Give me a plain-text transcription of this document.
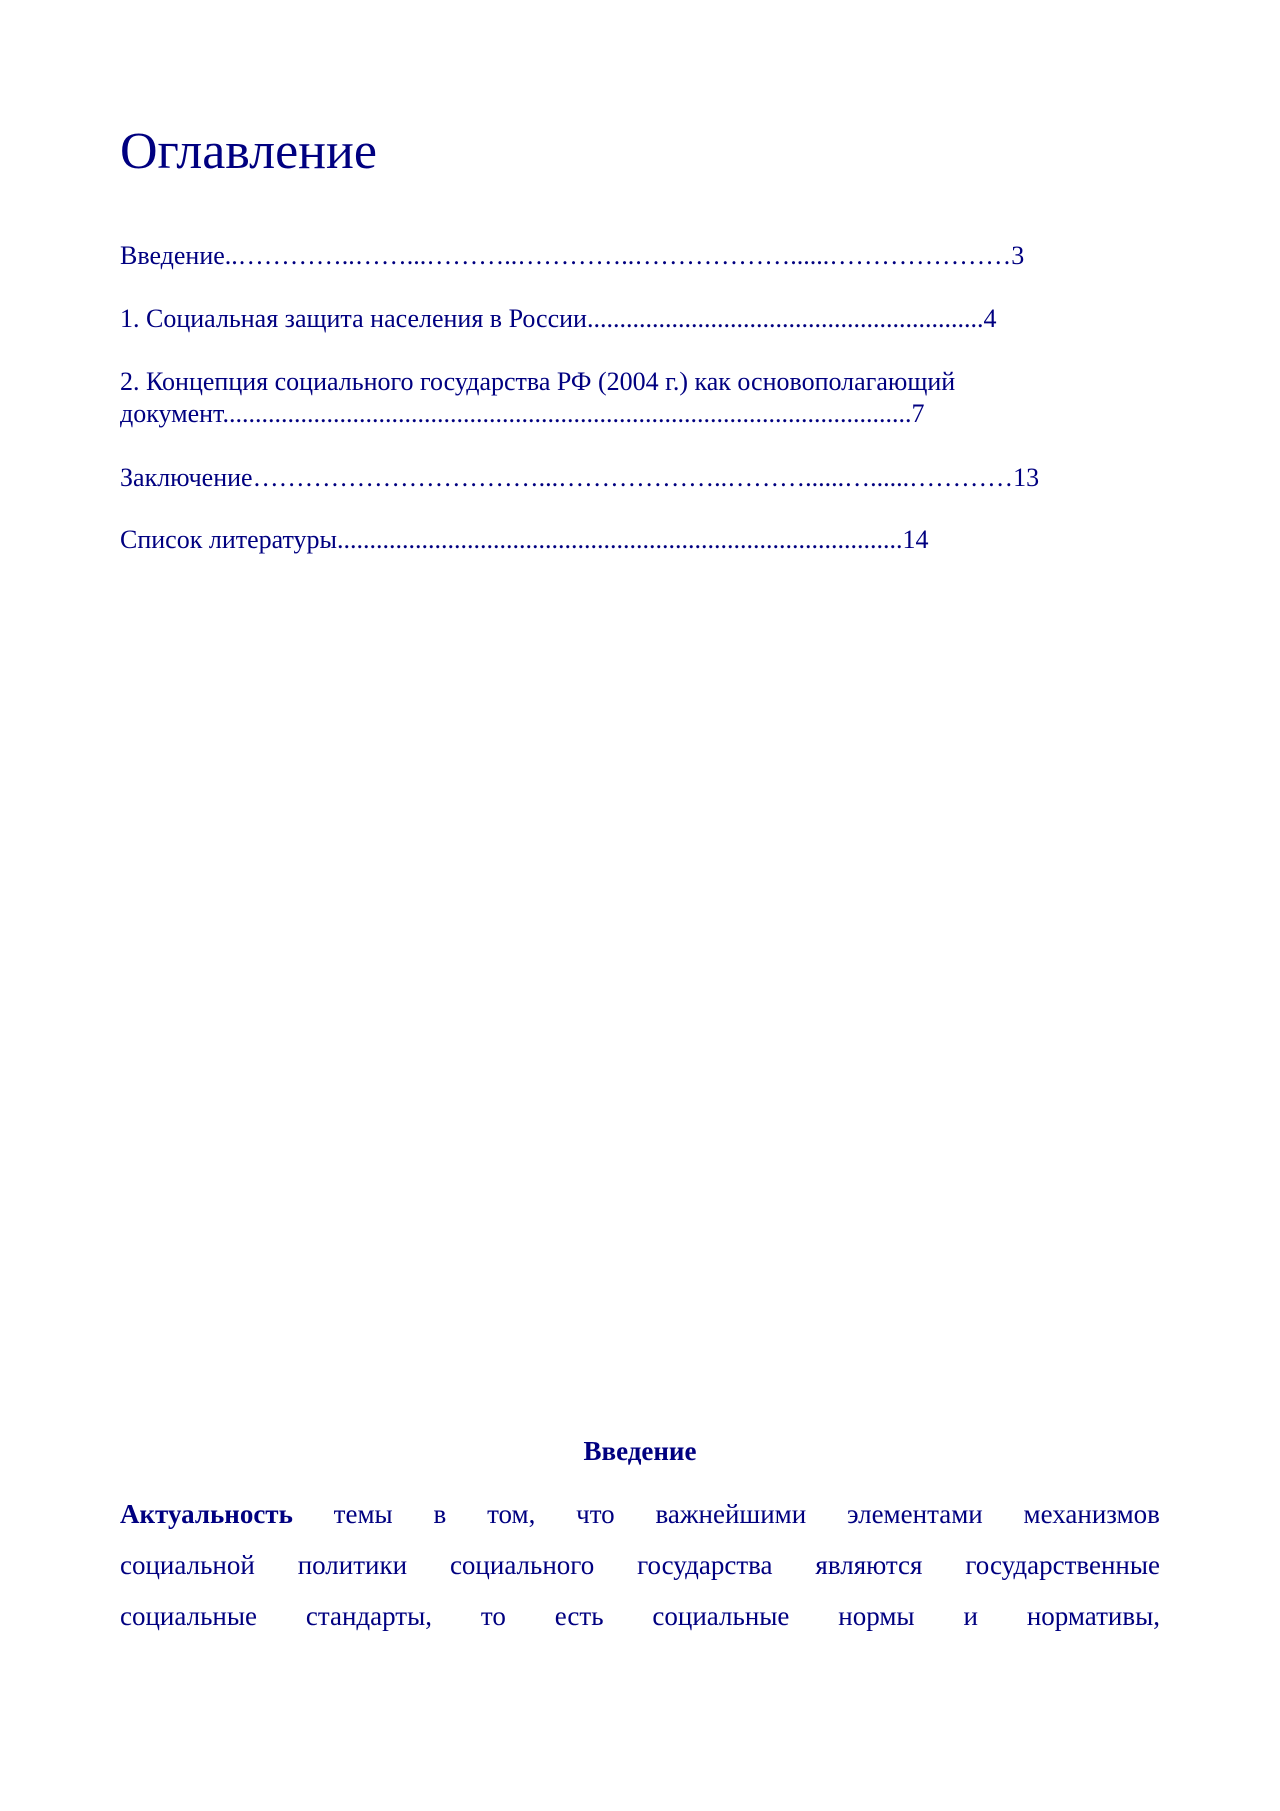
Оглавление
Введение..…………..……...………..…………..………………......…………………3
1. Социальная защита населения в России.............................................................4
2. Концепция социального государства РФ (2004 г.) как основополагающий
документ..........................................................................................................7
Заключение……………………………...………………..………......…......…………13
Список литературы.......................................................................................14
Введение

Актуальность темы в том, что важнейшими элементами механизмов

социальной политики социального государства являются государственные

социальные стандарты, то есть социальные нормы и нормативы,
